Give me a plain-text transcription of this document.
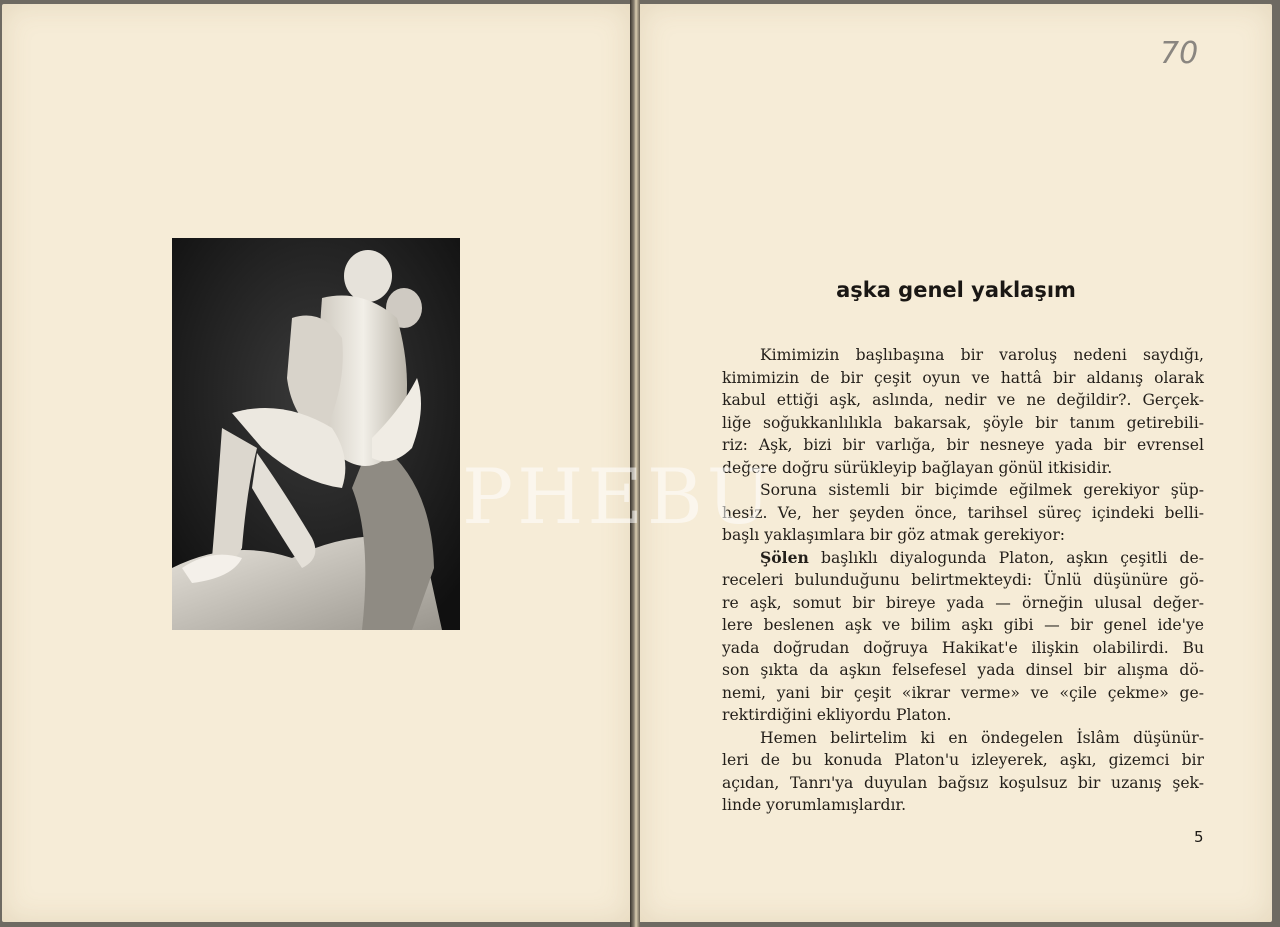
70
aşka genel yaklaşım
Kimimizin başlıbaşına bir varoluş nedeni saydığı,
kimimizin de bir çeşit oyun ve hattâ bir aldanış olarak
kabul ettiği aşk, aslında, nedir ve ne değildir?. Gerçek-
liğe soğukkanlılıkla bakarsak, şöyle bir tanım getirebili-
riz: Aşk, bizi bir varlığa, bir nesneye yada bir evrensel
değere doğru sürükleyip bağlayan gönül itkisidir.
Soruna sistemli bir biçimde eğilmek gerekiyor şüp-
hesiz. Ve, her şeyden önce, tarihsel süreç içindeki belli-
başlı yaklaşımlara bir göz atmak gerekiyor:
Şölen başlıklı diyalogunda Platon, aşkın çeşitli de-
receleri bulunduğunu belirtmekteydi: Ünlü düşünüre gö-
re aşk, somut bir bireye yada — örneğin ulusal değer-
lere beslenen aşk ve bilim aşkı gibi — bir genel ide'ye
yada doğrudan doğruya Hakikat'e ilişkin olabilirdi. Bu
son şıkta da aşkın felsefesel yada dinsel bir alışma dö-
nemi, yani bir çeşit «ikrar verme» ve «çile çekme» ge-
rektirdiğini ekliyordu Platon.
Hemen belirtelim ki en öndegelen İslâm düşünür-
leri de bu konuda Platon'u izleyerek, aşkı, gizemci bir
açıdan, Tanrı'ya duyulan bağsız koşulsuz bir uzanış şek-
linde yorumlamışlardır.
5
PHEBU
